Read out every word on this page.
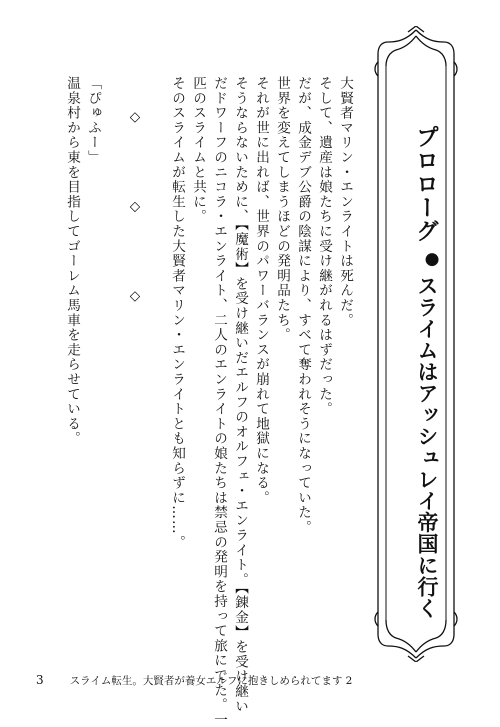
大賢者マリン・エンライトは死んだ。

そして、遺産は娘たちに受け継がれるはずだった。

だが、成金デブ公爵の陰謀により、すべて奪われそうになっていた。

世界を変えてしまうほどの発明品たち。

それが世に出れば、世界のパワーバランスが崩れて地獄になる。

そうならないために、【魔術】を受け継いだエルフのオルフェ・エンライト。【錬金】を受け継い

だドワーフのニコラ・エンライト、二人のエンライトの娘たちは禁忌の発明を持って旅にでた。一

匹のスライムと共に。

そのスライムが転生した大賢者マリン・エンライトとも知らずに……。

◇　◇　◇

「ぴゅふー」

温泉村から東を目指してゴーレム馬車を走らせている。	プロローグ
●
スライムはアッシュレイ帝国に行く
3 スライム転生。大賢者が養女エルフに抱きしめられてます 2
